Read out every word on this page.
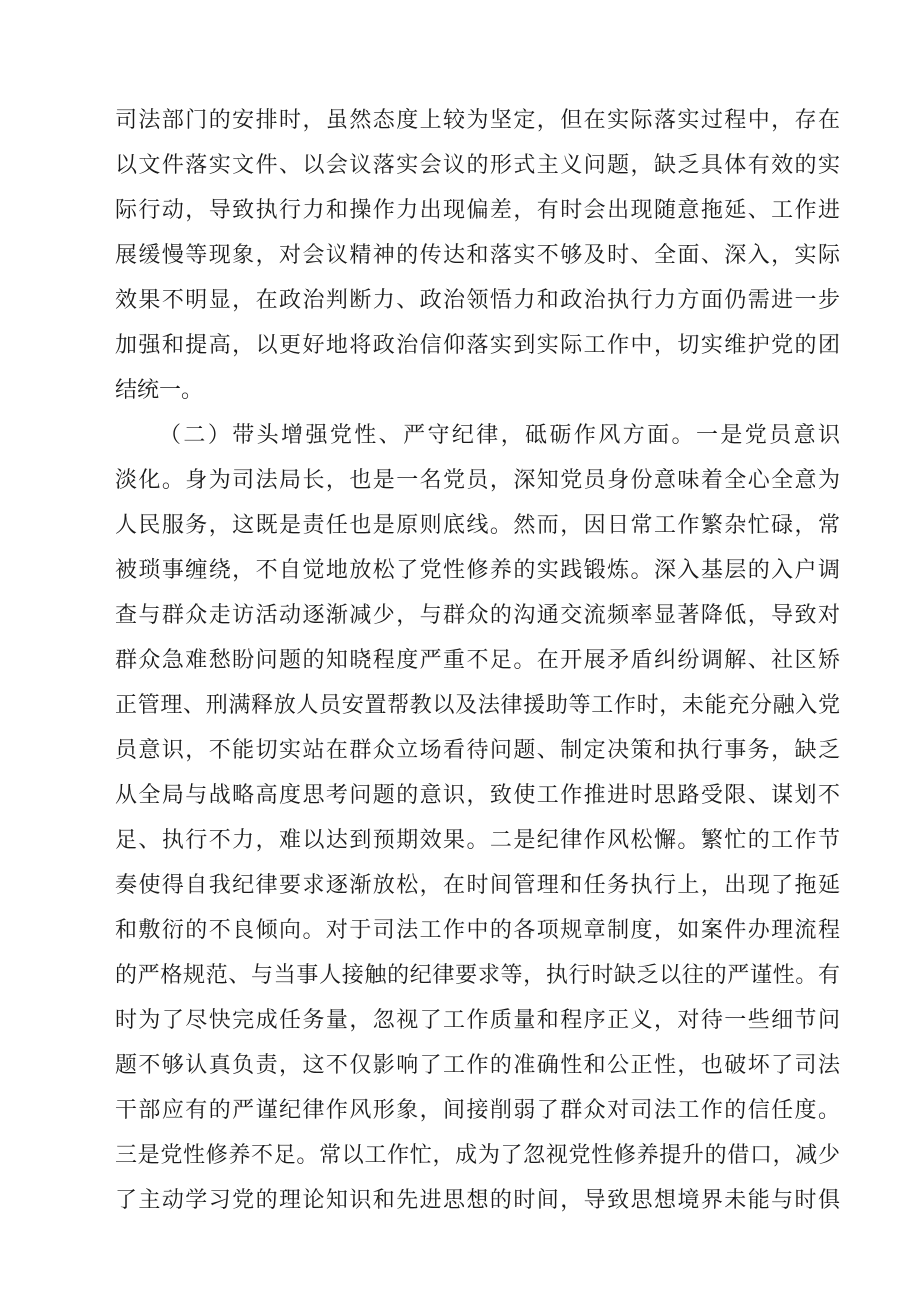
司法部门的安排时，虽然态度上较为坚定，但在实际落实过程中，存在
以文件落实文件、以会议落实会议的形式主义问题，缺乏具体有效的实
际行动，导致执行力和操作力出现偏差，有时会出现随意拖延、工作进
展缓慢等现象，对会议精神的传达和落实不够及时、全面、深入，实际
效果不明显，在政治判断力、政治领悟力和政治执行力方面仍需进一步
加强和提高，以更好地将政治信仰落实到实际工作中，切实维护党的团
结统一。
（二）带头增强党性、严守纪律，砥砺作风方面。一是党员意识
淡化。身为司法局长，也是一名党员，深知党员身份意味着全心全意为
人民服务，这既是责任也是原则底线。然而，因日常工作繁杂忙碌，常
被琐事缠绕，不自觉地放松了党性修养的实践锻炼。深入基层的入户调
查与群众走访活动逐渐减少，与群众的沟通交流频率显著降低，导致对
群众急难愁盼问题的知晓程度严重不足。在开展矛盾纠纷调解、社区矫
正管理、刑满释放人员安置帮教以及法律援助等工作时，未能充分融入党
员意识，不能切实站在群众立场看待问题、制定决策和执行事务，缺乏
从全局与战略高度思考问题的意识，致使工作推进时思路受限、谋划不
足、执行不力，难以达到预期效果。二是纪律作风松懈。繁忙的工作节
奏使得自我纪律要求逐渐放松，在时间管理和任务执行上，出现了拖延
和敷衍的不良倾向。对于司法工作中的各项规章制度，如案件办理流程
的严格规范、与当事人接触的纪律要求等，执行时缺乏以往的严谨性。有
时为了尽快完成任务量，忽视了工作质量和程序正义，对待一些细节问
题不够认真负责，这不仅影响了工作的准确性和公正性，也破坏了司法
干部应有的严谨纪律作风形象，间接削弱了群众对司法工作的信任度。
三是党性修养不足。常以工作忙，成为了忽视党性修养提升的借口，减少
了主动学习党的理论知识和先进思想的时间，导致思想境界未能与时俱
